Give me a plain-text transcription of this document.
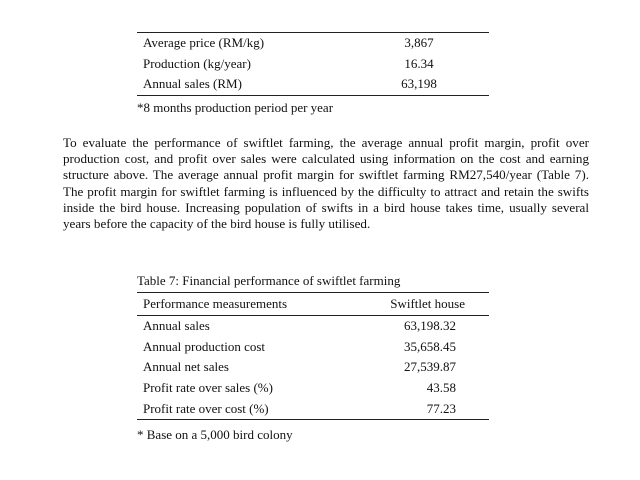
Average price (RM/kg)	3,867
Production (kg/year)	16.34
Annual sales (RM)	63,198
*8 months production period per year

To evaluate the performance of swiftlet farming, the average annual profit margin, profit over production cost, and profit over sales were calculated using information on the cost and earning structure above. The average annual profit margin for swiftlet farming RM27,540/year (Table 7). The profit margin for swiftlet farming is influenced by the difficulty to attract and retain the swifts inside the bird house. Increasing population of swifts in a bird house takes time, usually several years before the capacity of the bird house is fully utilised.

Table 7: Financial performance of swiftlet farming
Performance measurements	Swiftlet house
Annual sales	63,198.32
Annual production cost	35,658.45
Annual net sales	27,539.87
Profit rate over sales (%)	43.58
Profit rate over cost (%)	77.23
* Base on a 5,000 bird colony
